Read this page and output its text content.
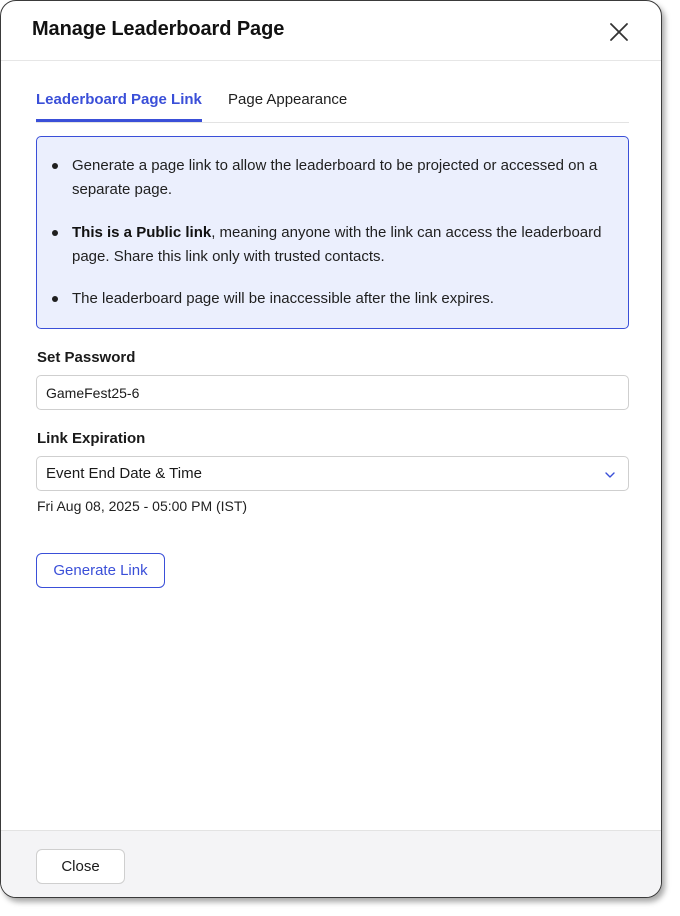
Manage Leaderboard Page
Leaderboard Page Link Page Appearance
Generate a page link to allow the leaderboard to be projected or accessed on a separate page.
This is a Public link, meaning anyone with the link can access the leaderboard page. Share this link only with trusted contacts.
The leaderboard page will be inaccessible after the link expires.
Set Password
GameFest25-6
Link Expiration
Event End Date & Time
Fri Aug 08, 2025 - 05:00 PM (IST)
Generate Link
Close
